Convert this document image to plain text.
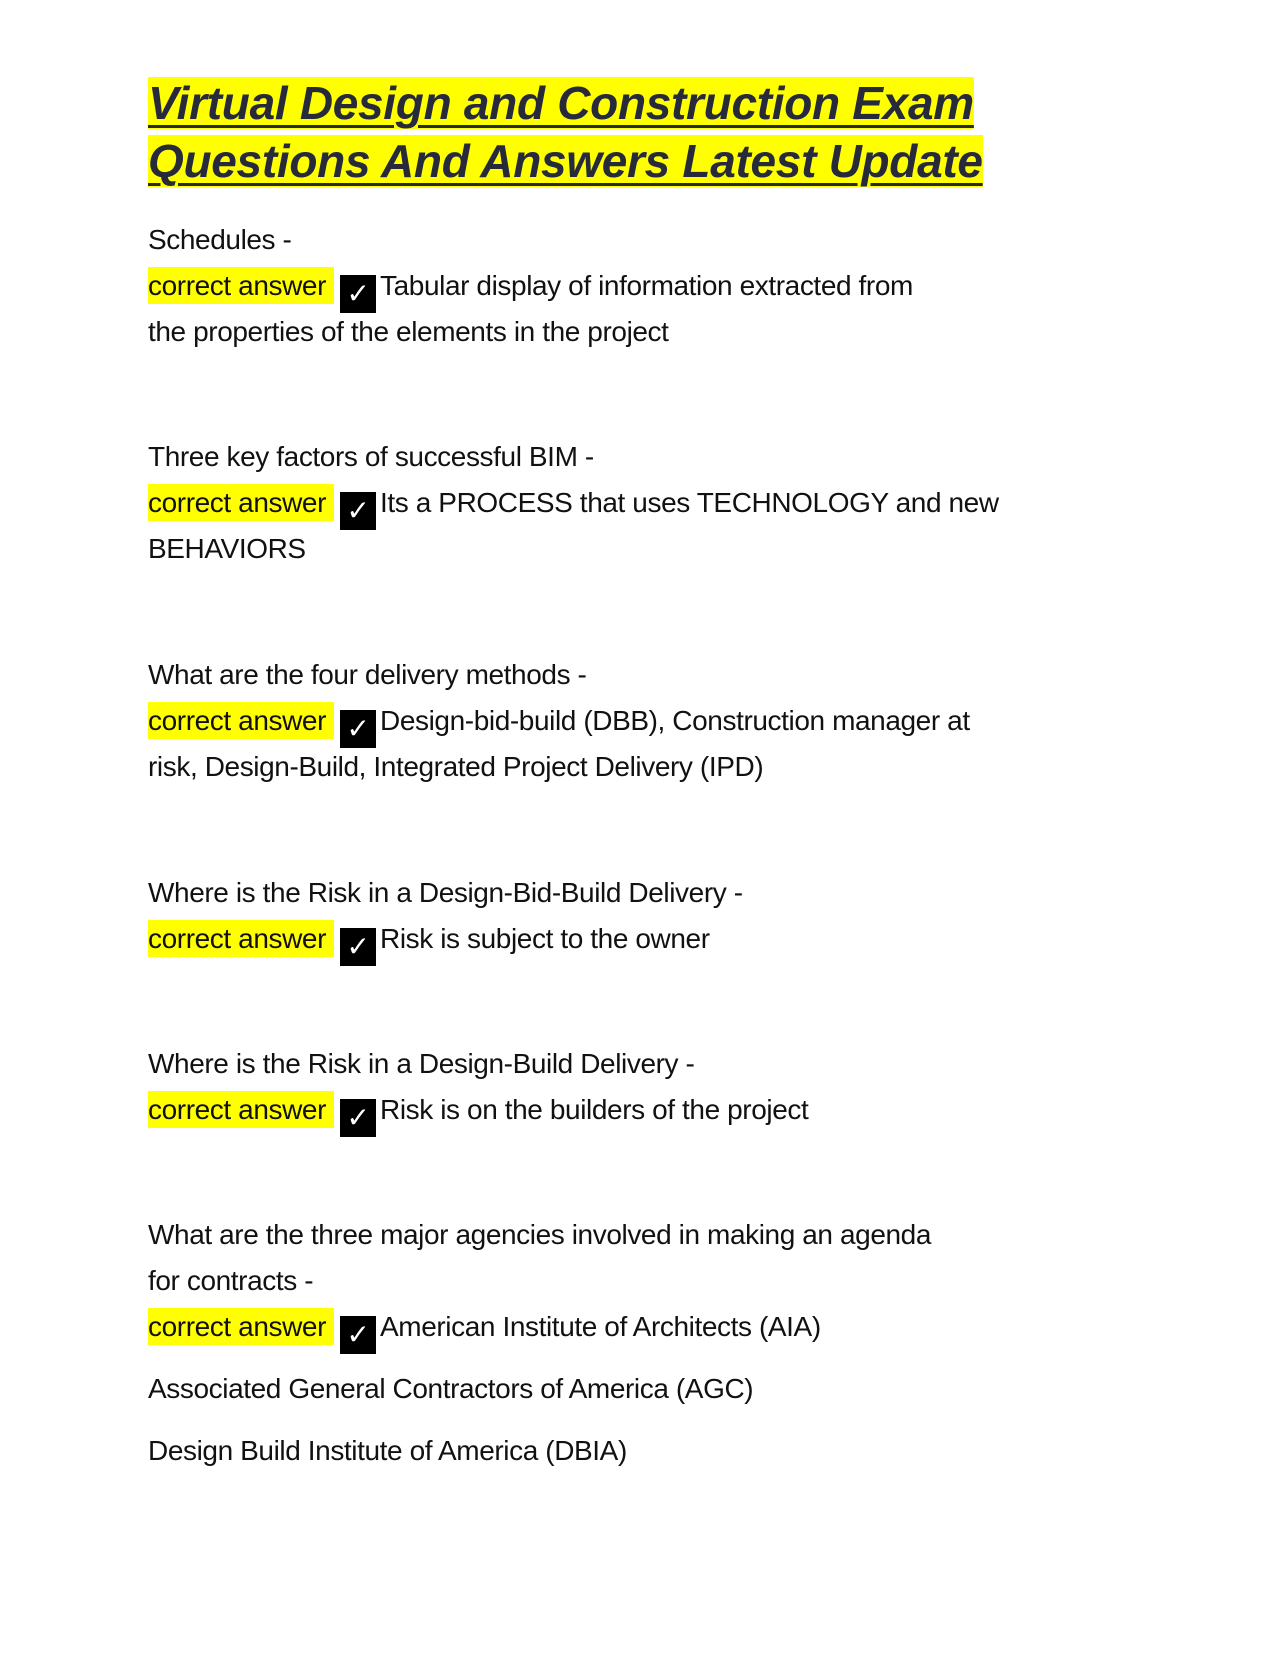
Virtual Design and Construction Exam
Questions And Answers Latest Update
Schedules -
correct answer ✓ Tabular display of information extracted from
the properties of the elements in the project
Three key factors of successful BIM -
correct answer ✓ Its a PROCESS that uses TECHNOLOGY and new
BEHAVIORS
What are the four delivery methods -
correct answer ✓ Design-bid-build (DBB), Construction manager at
risk, Design-Build, Integrated Project Delivery (IPD)
Where is the Risk in a Design-Bid-Build Delivery -
correct answer ✓ Risk is subject to the owner
Where is the Risk in a Design-Build Delivery -
correct answer ✓ Risk is on the builders of the project
What are the three major agencies involved in making an agenda
for contracts -
correct answer ✓ American Institute of Architects (AIA)
Associated General Contractors of America (AGC)
Design Build Institute of America (DBIA)
